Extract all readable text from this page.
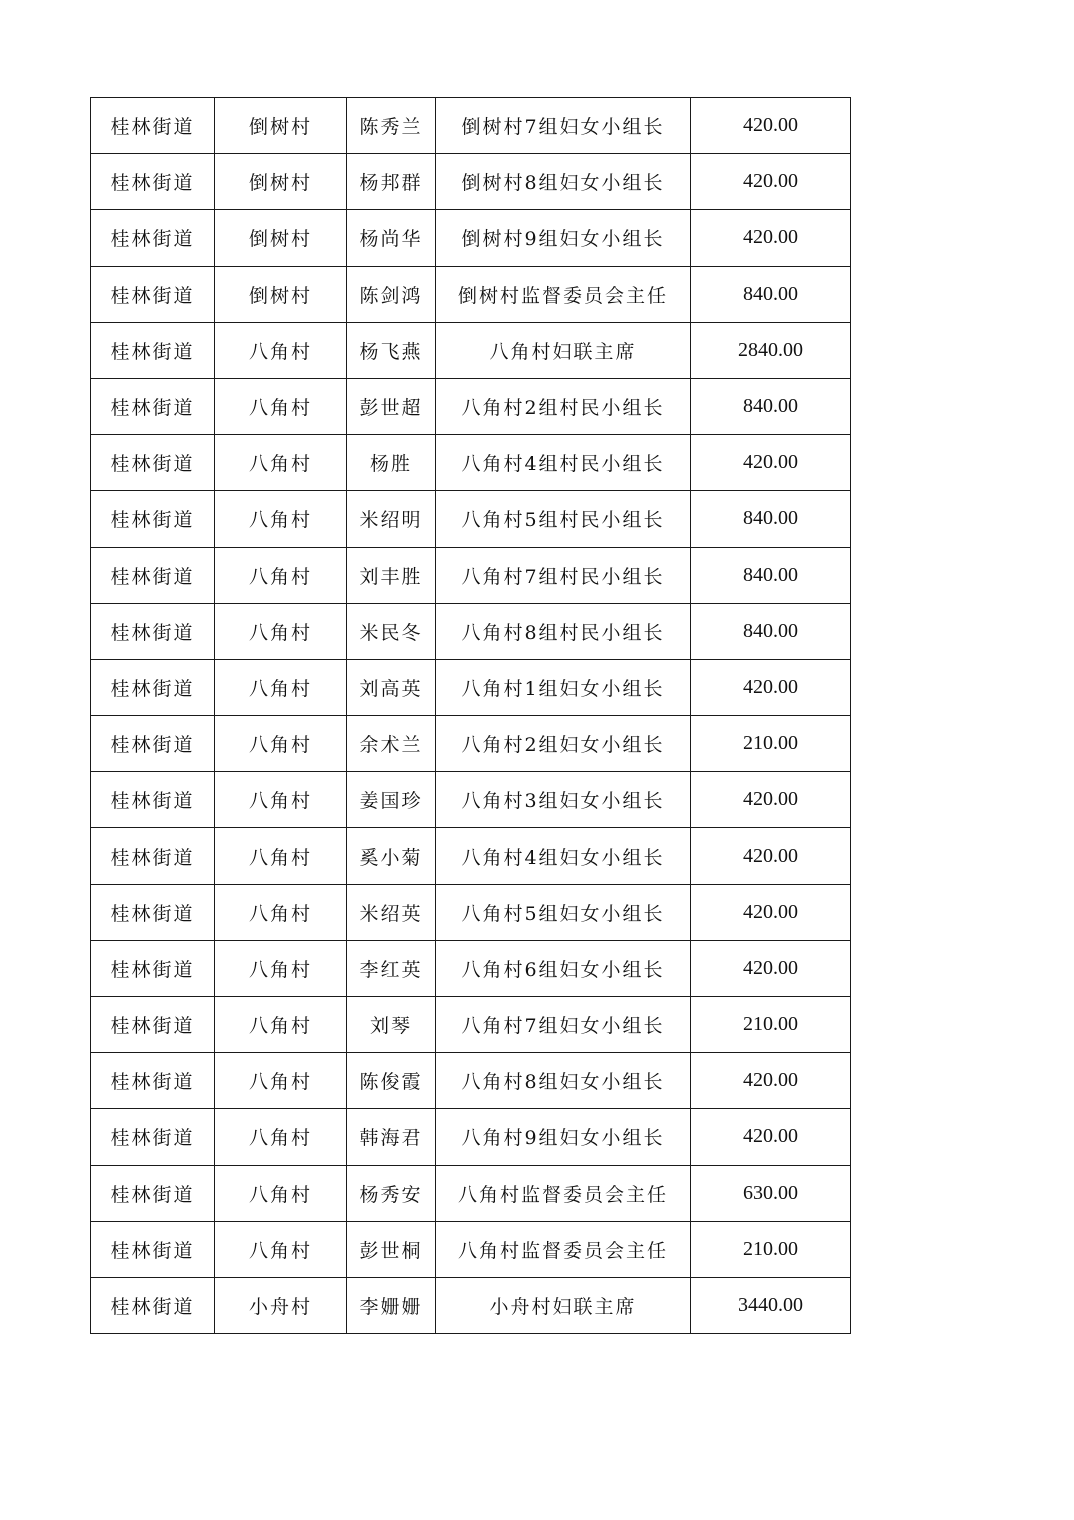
桂林街道	倒树村	陈秀兰	倒树村7组妇女小组长	420.00
桂林街道	倒树村	杨邦群	倒树村8组妇女小组长	420.00
桂林街道	倒树村	杨尚华	倒树村9组妇女小组长	420.00
桂林街道	倒树村	陈剑鸿	倒树村监督委员会主任	840.00
桂林街道	八角村	杨飞燕	八角村妇联主席	2840.00
桂林街道	八角村	彭世超	八角村2组村民小组长	840.00
桂林街道	八角村	杨胜	八角村4组村民小组长	420.00
桂林街道	八角村	米绍明	八角村5组村民小组长	840.00
桂林街道	八角村	刘丰胜	八角村7组村民小组长	840.00
桂林街道	八角村	米民冬	八角村8组村民小组长	840.00
桂林街道	八角村	刘高英	八角村1组妇女小组长	420.00
桂林街道	八角村	余术兰	八角村2组妇女小组长	210.00
桂林街道	八角村	姜国珍	八角村3组妇女小组长	420.00
桂林街道	八角村	奚小菊	八角村4组妇女小组长	420.00
桂林街道	八角村	米绍英	八角村5组妇女小组长	420.00
桂林街道	八角村	李红英	八角村6组妇女小组长	420.00
桂林街道	八角村	刘琴	八角村7组妇女小组长	210.00
桂林街道	八角村	陈俊霞	八角村8组妇女小组长	420.00
桂林街道	八角村	韩海君	八角村9组妇女小组长	420.00
桂林街道	八角村	杨秀安	八角村监督委员会主任	630.00
桂林街道	八角村	彭世桐	八角村监督委员会主任	210.00
桂林街道	小舟村	李姗姗	小舟村妇联主席	3440.00
